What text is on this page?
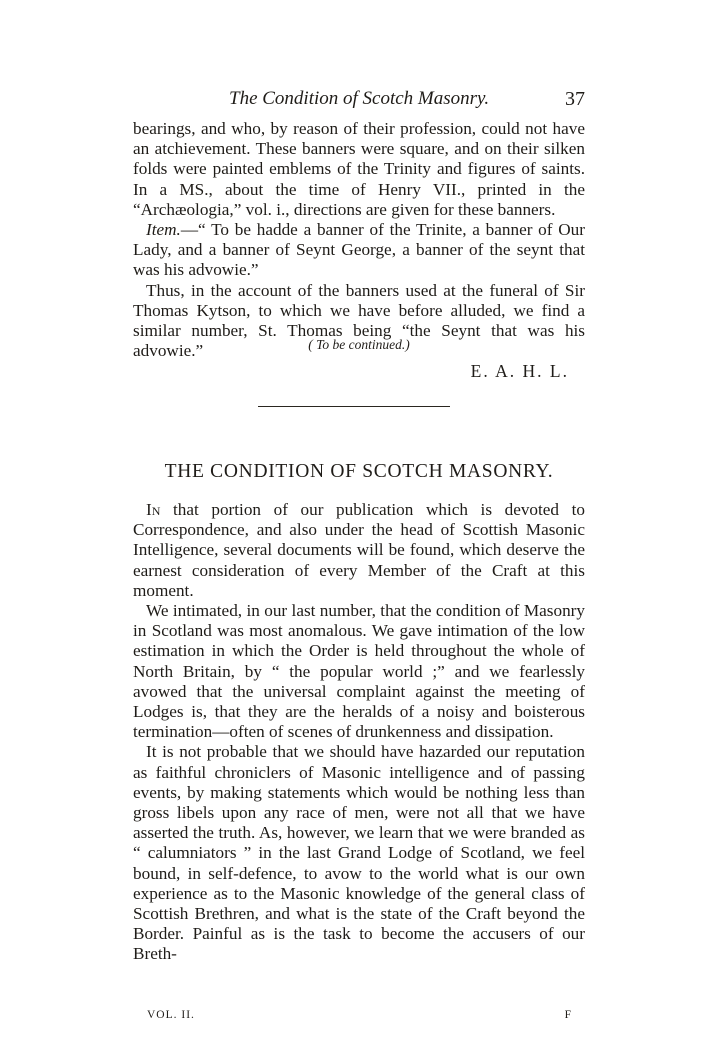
The Condition of Scotch Masonry.	37

bearings, and who, by reason of their profession, could not have an atchievement. These banners were square, and on their silken folds were painted emblems of the Trinity and figures of saints. In a MS., about the time of Henry VII., printed in the “Archæologia,” vol. i., directions are given for these banners.

Item.—“ To be hadde a banner of the Trinite, a banner of Our Lady, and a banner of Seynt George, a banner of the seynt that was his advowie.”

Thus, in the account of the banners used at the funeral of Sir Thomas Kytson, to which we have before alluded, we find a similar number, St. Thomas being “the Seynt that was his advowie.”

E. A. H. L.

( To be continued.)
THE CONDITION OF SCOTCH MASONRY.

In that portion of our publication which is devoted to Correspondence, and also under the head of Scottish Masonic Intelligence, several documents will be found, which deserve the earnest consideration of every Member of the Craft at this moment.

We intimated, in our last number, that the condition of Masonry in Scotland was most anomalous. We gave intimation of the low estimation in which the Order is held throughout the whole of North Britain, by “ the popular world ;” and we fearlessly avowed that the universal complaint against the meeting of Lodges is, that they are the heralds of a noisy and boisterous termination—often of scenes of drunkenness and dissipation.

It is not probable that we should have hazarded our reputation as faithful chroniclers of Masonic intelligence and of passing events, by making statements which would be nothing less than gross libels upon any race of men, were not all that we have asserted the truth. As, however, we learn that we were branded as “ calumniators ” in the last Grand Lodge of Scotland, we feel bound, in self-defence, to avow to the world what is our own experience as to the Masonic knowledge of the general class of Scottish Brethren, and what is the state of the Craft beyond the Border. Painful as is the task to become the accusers of our Breth-

VOL. II.	F
